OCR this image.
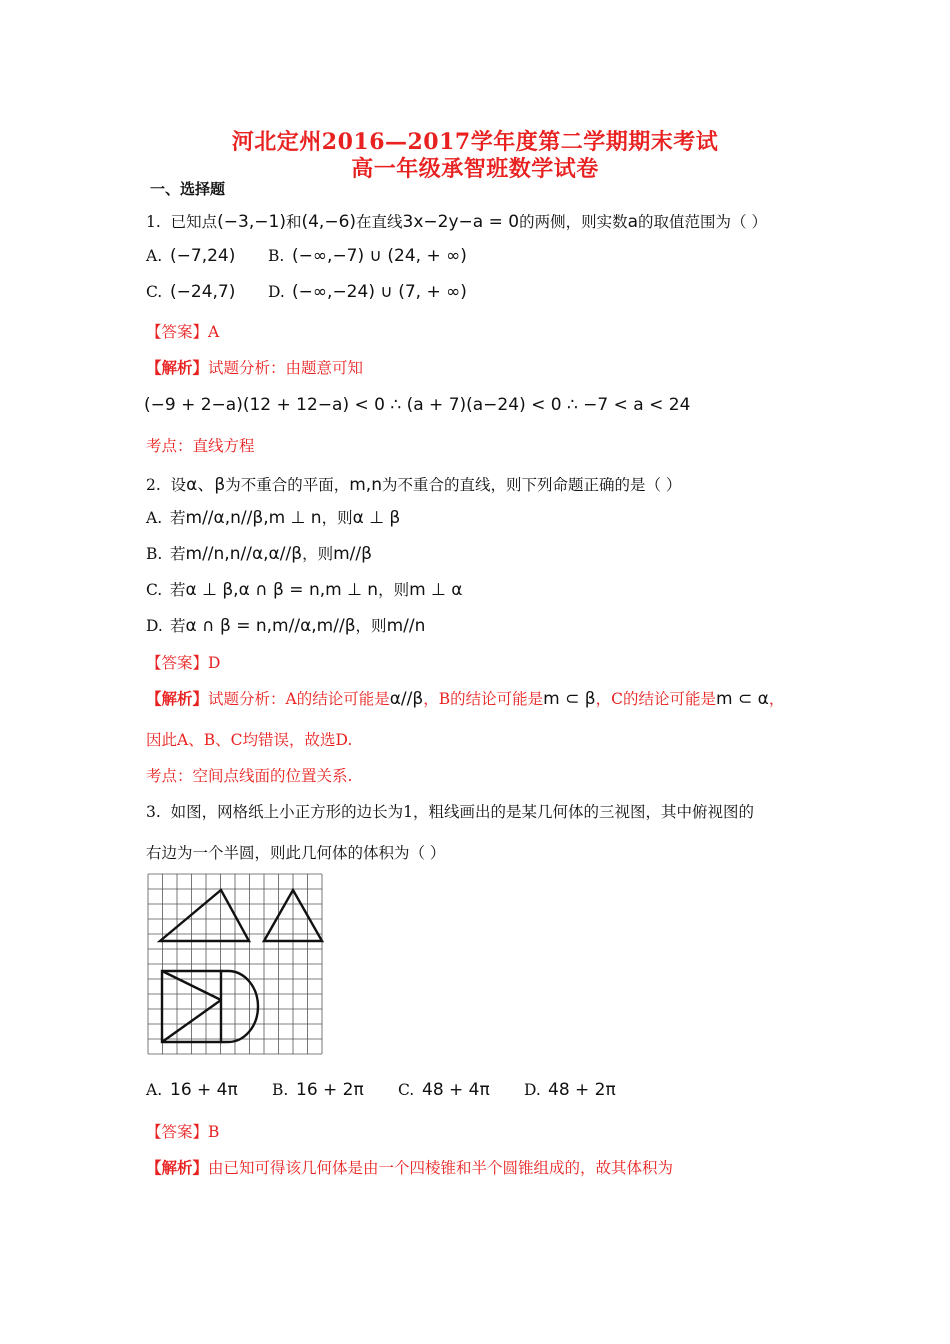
河北定州2016—2017学年度第二学期期末考试
高一年级承智班数学试卷
一、选择题
1. 已知点(−3,−1)和(4,−6)在直线3x−2y−a = 0的两侧，则实数a的取值范围为（ ）
A. (−7,24) B. (−∞,−7) ∪ (24, + ∞)
C. (−24,7) D. (−∞,−24) ∪ (7, + ∞)
【答案】A
【解析】试题分析：由题意可知
(−9 + 2−a)(12 + 12−a) < 0 ∴ (a + 7)(a−24) < 0 ∴ −7 < a < 24
考点：直线方程
2. 设α、β为不重合的平面，m,n为不重合的直线，则下列命题正确的是（ ）
A. 若m//α,n//β,m ⊥ n，则α ⊥ β
B. 若m//n,n//α,α//β，则m//β
C. 若α ⊥ β,α ∩ β = n,m ⊥ n，则m ⊥ α
D. 若α ∩ β = n,m//α,m//β，则m//n
【答案】D
【解析】试题分析：A的结论可能是α//β，B的结论可能是m ⊂ β，C的结论可能是m ⊂ α，
因此A、B、C均错误，故选D.
考点：空间点线面的位置关系.
3. 如图，网格纸上小正方形的边长为1，粗线画出的是某几何体的三视图，其中俯视图的
右边为一个半圆，则此几何体的体积为（ ）
A. 16 + 4π B. 16 + 2π C. 48 + 4π D. 48 + 2π
【答案】B
【解析】由已知可得该几何体是由一个四棱锥和半个圆锥组成的，故其体积为
